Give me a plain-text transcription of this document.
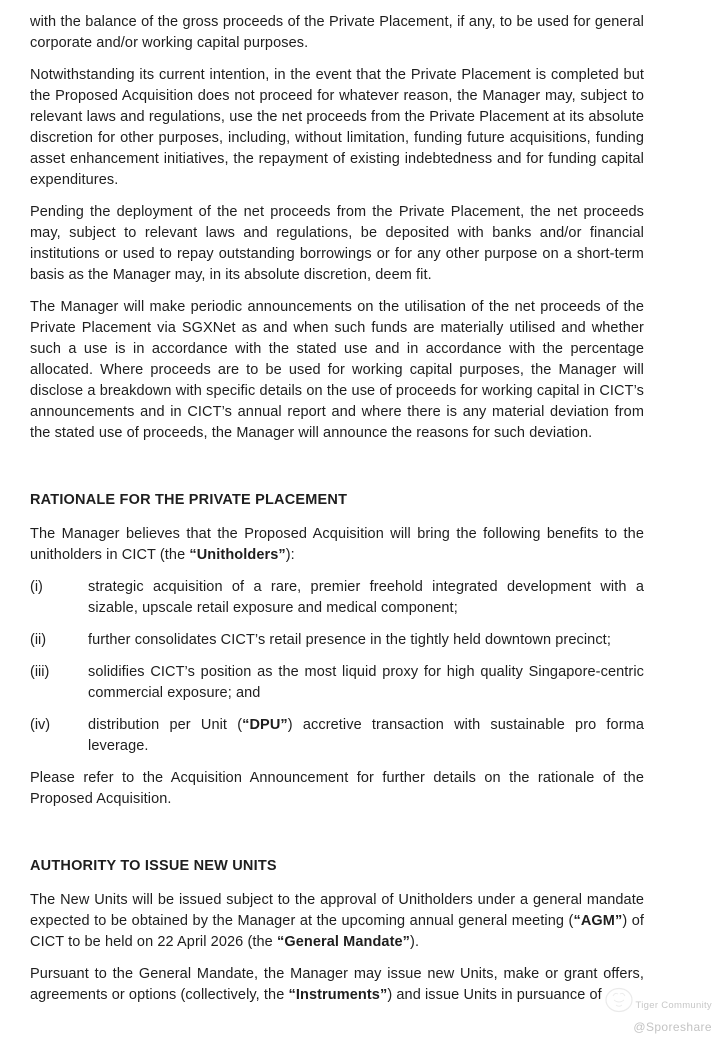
with the balance of the gross proceeds of the Private Placement, if any, to be used for general corporate and/or working capital purposes.

Notwithstanding its current intention, in the event that the Private Placement is completed but the Proposed Acquisition does not proceed for whatever reason, the Manager may, subject to relevant laws and regulations, use the net proceeds from the Private Placement at its absolute discretion for other purposes, including, without limitation, funding future acquisitions, funding asset enhancement initiatives, the repayment of existing indebtedness and for funding capital expenditures.

Pending the deployment of the net proceeds from the Private Placement, the net proceeds may, subject to relevant laws and regulations, be deposited with banks and/or financial institutions or used to repay outstanding borrowings or for any other purpose on a short-term basis as the Manager may, in its absolute discretion, deem fit.

The Manager will make periodic announcements on the utilisation of the net proceeds of the Private Placement via SGXNet as and when such funds are materially utilised and whether such a use is in accordance with the stated use and in accordance with the percentage allocated. Where proceeds are to be used for working capital purposes, the Manager will disclose a breakdown with specific details on the use of proceeds for working capital in CICT’s announcements and in CICT’s annual report and where there is any material deviation from the stated use of proceeds, the Manager will announce the reasons for such deviation.

RATIONALE FOR THE PRIVATE PLACEMENT

The Manager believes that the Proposed Acquisition will bring the following benefits to the unitholders in CICT (the “Unitholders”):

(i)	strategic acquisition of a rare, premier freehold integrated development with a sizable, upscale retail exposure and medical component;
(ii)	further consolidates CICT’s retail presence in the tightly held downtown precinct;
(iii)	solidifies CICT’s position as the most liquid proxy for high quality Singapore-centric commercial exposure; and
(iv)	distribution per Unit (“DPU”) accretive transaction with sustainable pro forma leverage.

Please refer to the Acquisition Announcement for further details on the rationale of the Proposed Acquisition.

AUTHORITY TO ISSUE NEW UNITS

The New Units will be issued subject to the approval of Unitholders under a general mandate expected to be obtained by the Manager at the upcoming annual general meeting (“AGM”) of CICT to be held on 22 April 2026 (the “General Mandate”).

Pursuant to the General Mandate, the Manager may issue new Units, make or grant offers, agreements or options (collectively, the “Instruments”) and issue Units in pursuance of

Tiger Community
@Sporeshare
